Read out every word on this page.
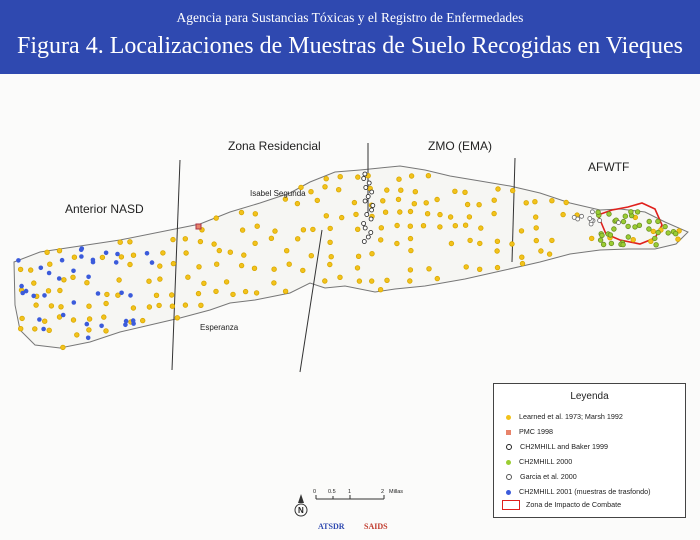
Agencia para Sustancias Tóxicas y el Registro de Enfermedades
Figura 4. Localizaciones de Muestras de Suelo Recogidas en Vieques
Anterior NASD
Zona Residencial	ZMO (EMA)
AFWTF
Isabel Segunda
Esperanza
0 0.5 1	2 Millas
N
ATSDR SAIDS
Leyenda
Learned et al. 1973; Marsh 1992
PMC 1998
CH2MHILL and Baker 1999
CH2MHILL 2000
Garcia et al. 2000
CH2MHILL 2001 (muestras de trasfondo)
Zona de Impacto de Combate
